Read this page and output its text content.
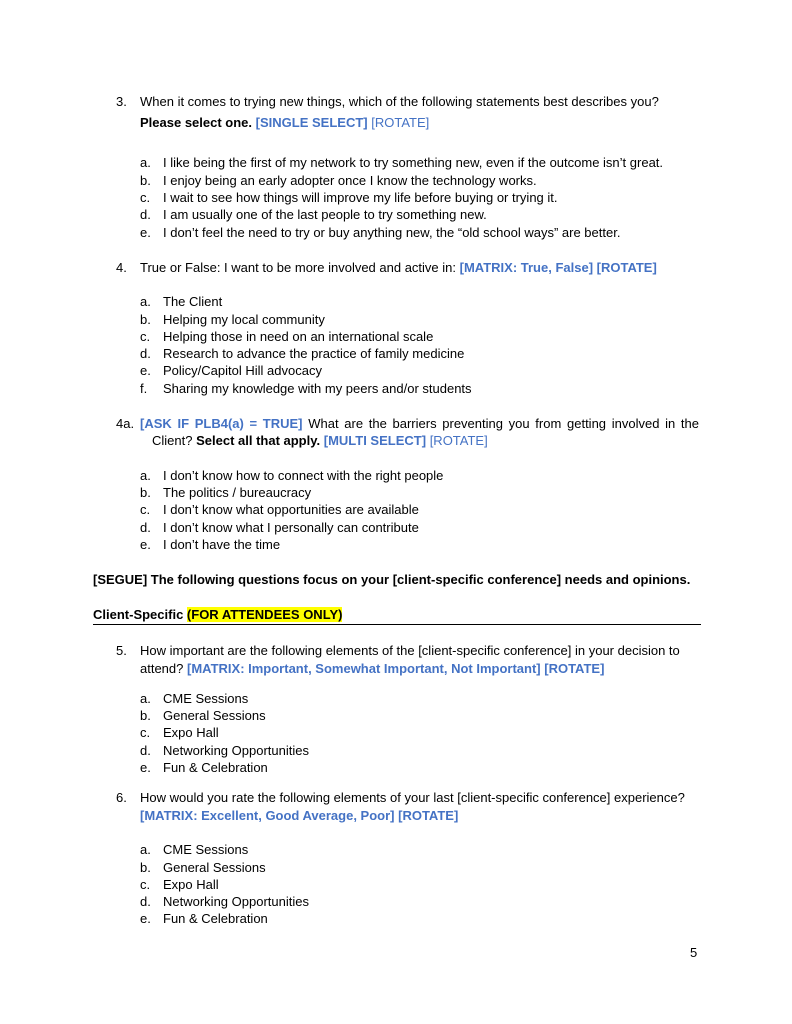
3. When it comes to trying new things, which of the following statements best describes you?
Please select one. [SINGLE SELECT] [ROTATE]
a. I like being the first of my network to try something new, even if the outcome isn’t great.
b. I enjoy being an early adopter once I know the technology works.
c. I wait to see how things will improve my life before buying or trying it.
d. I am usually one of the last people to try something new.
e. I don’t feel the need to try or buy anything new, the “old school ways” are better.
4. True or False: I want to be more involved and active in: [MATRIX: True, False] [ROTATE]
a. The Client
b. Helping my local community
c. Helping those in need on an international scale
d. Research to advance the practice of family medicine
e. Policy/Capitol Hill advocacy
f. Sharing my knowledge with my peers and/or students
4a. [ASK IF PLB4(a) = TRUE] What are the barriers preventing you from getting involved in the
Client? Select all that apply. [MULTI SELECT] [ROTATE]
a. I don’t know how to connect with the right people
b. The politics / bureaucracy
c. I don’t know what opportunities are available
d. I don’t know what I personally can contribute
e. I don’t have the time
[SEGUE] The following questions focus on your [client-specific conference] needs and opinions.
Client-Specific (FOR ATTENDEES ONLY)
5. How important are the following elements of the [client-specific conference] in your decision to
attend? [MATRIX: Important, Somewhat Important, Not Important] [ROTATE]
a. CME Sessions
b. General Sessions
c. Expo Hall
d. Networking Opportunities
e. Fun & Celebration
6. How would you rate the following elements of your last [client-specific conference] experience?
[MATRIX: Excellent, Good Average, Poor] [ROTATE]
a. CME Sessions
b. General Sessions
c. Expo Hall
d. Networking Opportunities
e. Fun & Celebration
5
